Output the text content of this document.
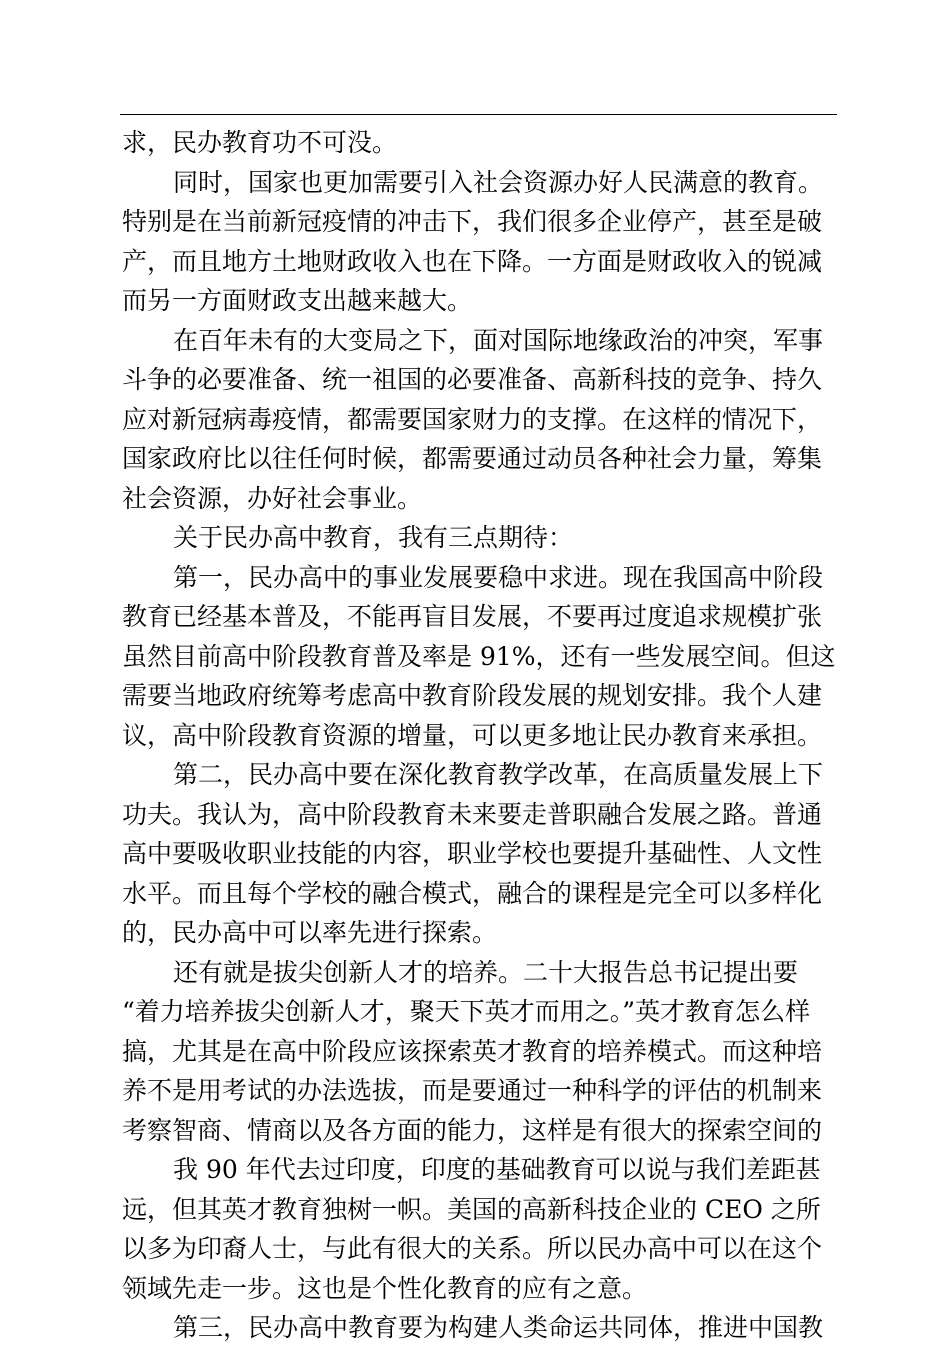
求，民办教育功不可没。
同时，国家也更加需要引入社会资源办好人民满意的教育。
特别是在当前新冠疫情的冲击下，我们很多企业停产，甚至是破
产，而且地方土地财政收入也在下降。一方面是财政收入的锐减
而另一方面财政支出越来越大。
在百年未有的大变局之下，面对国际地缘政治的冲突，军事
斗争的必要准备、统一祖国的必要准备、高新科技的竞争、持久
应对新冠病毒疫情，都需要国家财力的支撑。在这样的情况下，
国家政府比以往任何时候，都需要通过动员各种社会力量，筹集
社会资源，办好社会事业。
关于民办高中教育，我有三点期待：
第一，民办高中的事业发展要稳中求进。现在我国高中阶段
教育已经基本普及，不能再盲目发展，不要再过度追求规模扩张
虽然目前高中阶段教育普及率是 91%，还有一些发展空间。但这
需要当地政府统筹考虑高中教育阶段发展的规划安排。我个人建
议，高中阶段教育资源的增量，可以更多地让民办教育来承担。
第二，民办高中要在深化教育教学改革，在高质量发展上下
功夫。我认为，高中阶段教育未来要走普职融合发展之路。普通
高中要吸收职业技能的内容，职业学校也要提升基础性、人文性
水平。而且每个学校的融合模式，融合的课程是完全可以多样化
的，民办高中可以率先进行探索。
还有就是拔尖创新人才的培养。二十大报告总书记提出要
“着力培养拔尖创新人才，聚天下英才而用之。”英才教育怎么样
搞，尤其是在高中阶段应该探索英才教育的培养模式。而这种培
养不是用考试的办法选拔，而是要通过一种科学的评估的机制来
考察智商、情商以及各方面的能力，这样是有很大的探索空间的
我 90 年代去过印度，印度的基础教育可以说与我们差距甚
远，但其英才教育独树一帜。美国的高新科技企业的 CEO 之所
以多为印裔人士，与此有很大的关系。所以民办高中可以在这个
领域先走一步。这也是个性化教育的应有之意。
第三，民办高中教育要为构建人类命运共同体，推进中国教
